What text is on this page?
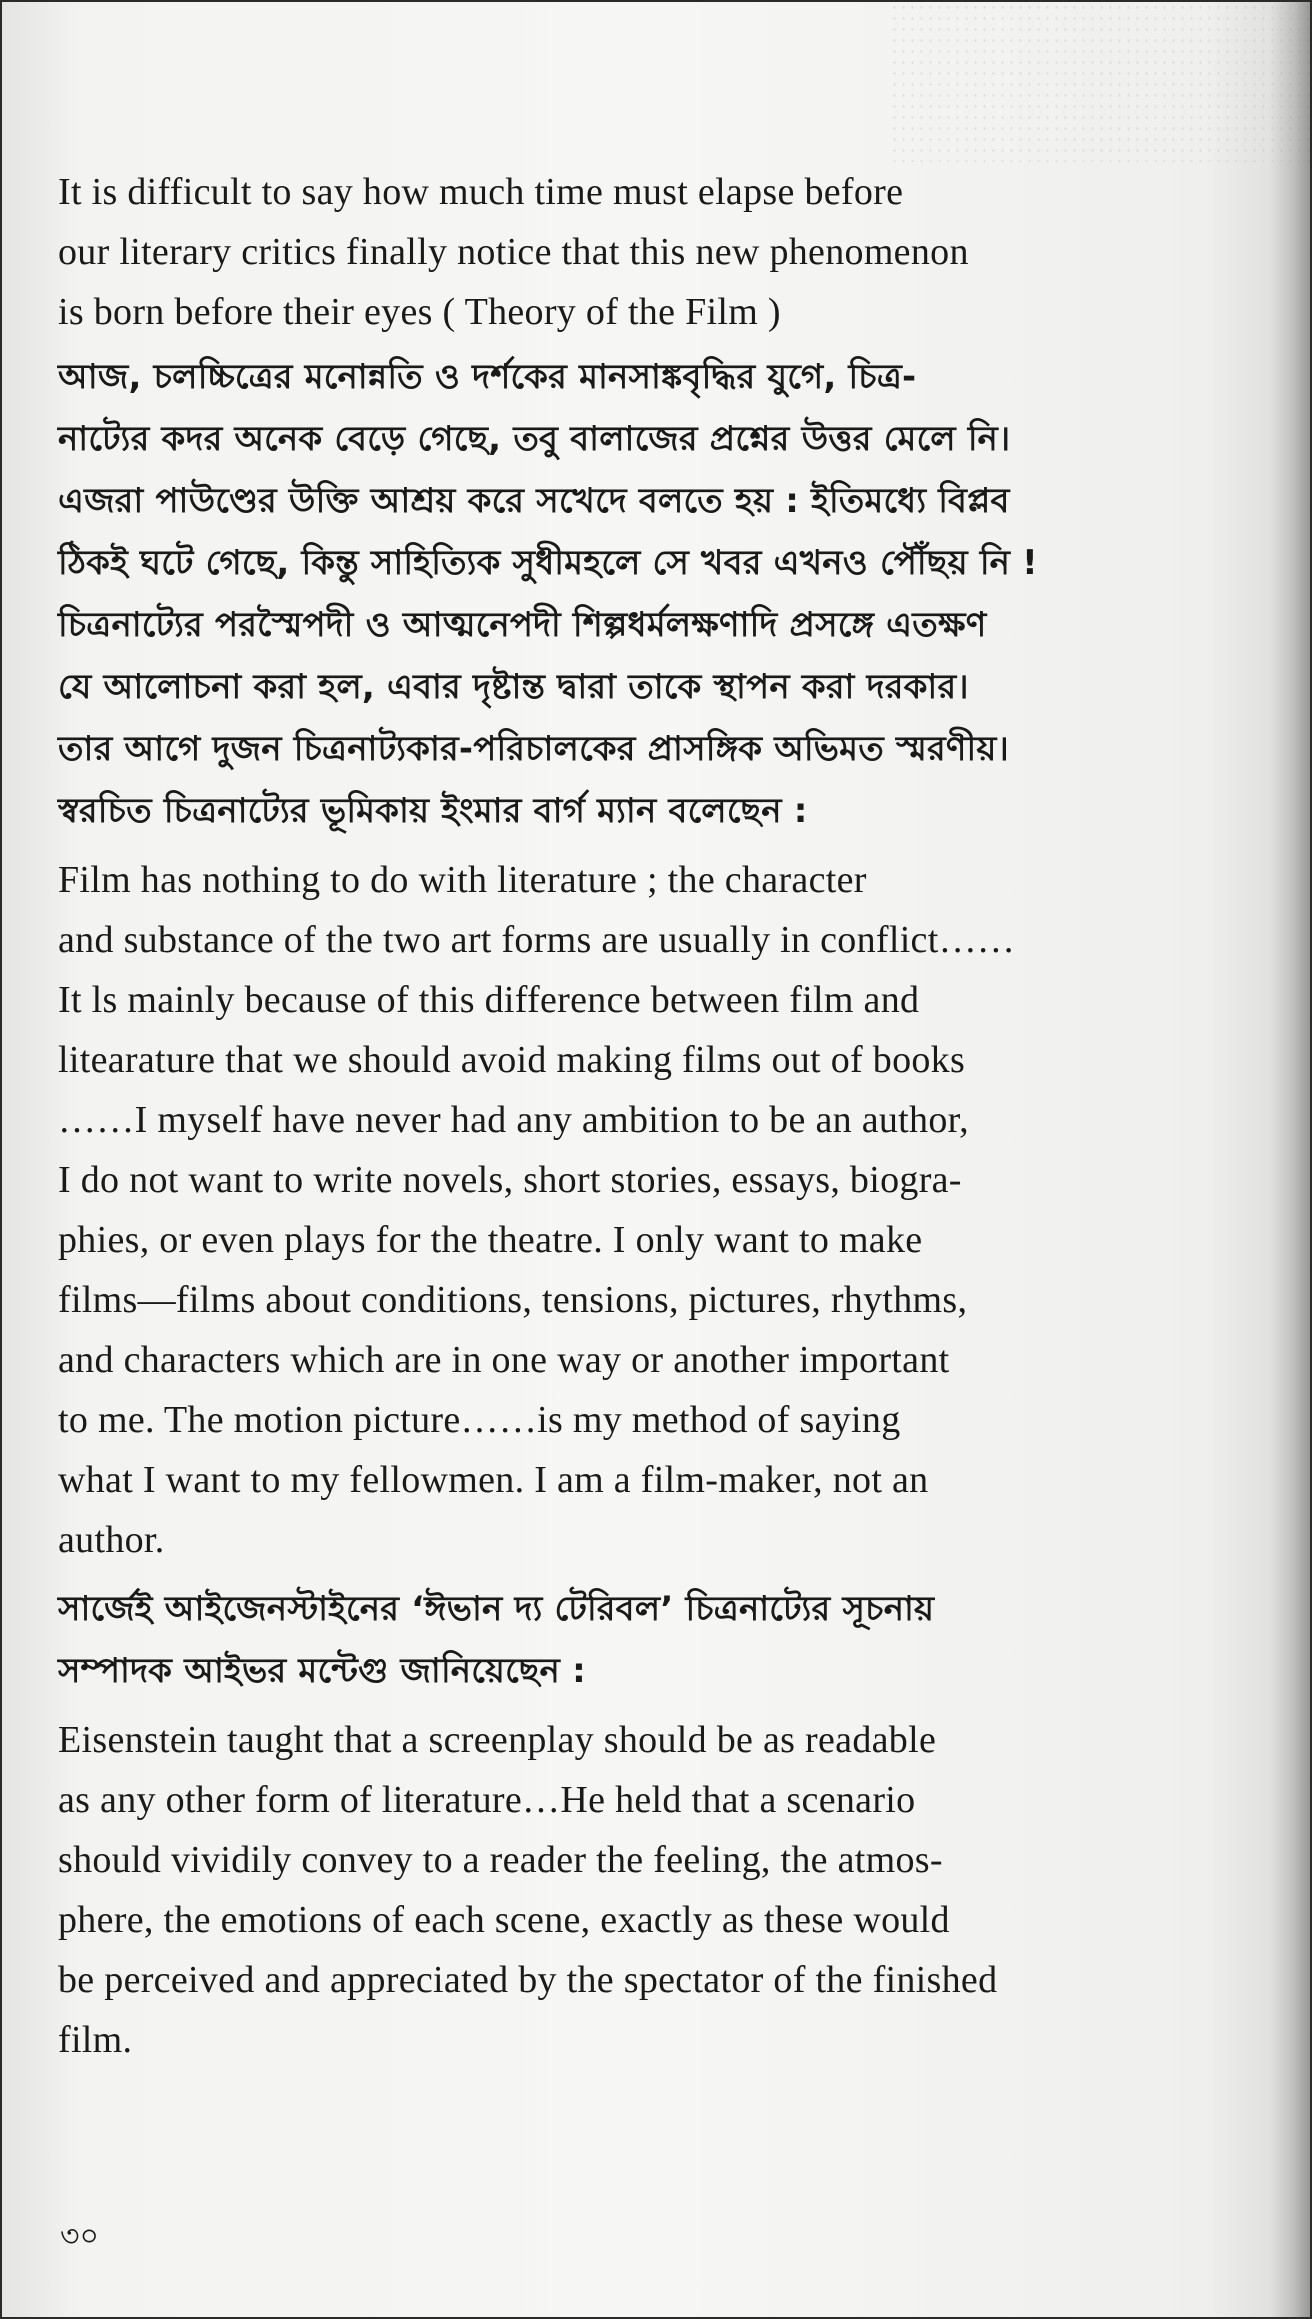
It is difficult to say how much time must elapse before
our literary critics finally notice that this new phenomenon
is born before their eyes ( Theory of the Film )

আজ, চলচ্চিত্রের মনোন্নতি ও দর্শকের মানসাঙ্কবৃদ্ধির যুগে, চিত্র-
নাট্যের কদর অনেক বেড়ে গেছে, তবু বালাজের প্রশ্নের উত্তর মেলে নি।
এজরা পাউণ্ডের উক্তি আশ্রয় করে সখেদে বলতে হয় : ইতিমধ্যে বিপ্লব
ঠিকই ঘটে গেছে, কিন্তু সাহিত্যিক সুধীমহলে সে খবর এখনও পৌঁছয় নি !
চিত্রনাট্যের পরস্মৈপদী ও আত্মনেপদী শিল্পধর্মলক্ষণাদি প্রসঙ্গে এতক্ষণ
যে আলোচনা করা হল, এবার দৃষ্টান্ত দ্বারা তাকে স্থাপন করা দরকার।
তার আগে দুজন চিত্রনাট্যকার-পরিচালকের প্রাসঙ্গিক অভিমত স্মরণীয়।
স্বরচিত চিত্রনাট্যের ভূমিকায় ইংমার বার্গ ম্যান বলেছেন :

Film has nothing to do with literature ; the character
and substance of the two art forms are usually in conflict……
It ls mainly because of this difference between film and
litearature that we should avoid making films out of books
……I myself have never had any ambition to be an author,
I do not want to write novels, short stories, essays, biogra-
phies, or even plays for the theatre. I only want to make
films—films about conditions, tensions, pictures, rhythms,
and characters which are in one way or another important
to me. The motion picture……is my method of saying
what I want to my fellowmen. I am a film-maker, not an
author.

সার্জেই আইজেনস্টাইনের ‘ঈভান দ্য টেরিবল’ চিত্রনাট্যের সূচনায়
সম্পাদক আইভর মন্টেগু জানিয়েছেন :

Eisenstein taught that a screenplay should be as readable
as any other form of literature…He held that a scenario
should vividily convey to a reader the feeling, the atmos-
phere, the emotions of each scene, exactly as these would
be perceived and appreciated by the spectator of the finished
film.

৩০
